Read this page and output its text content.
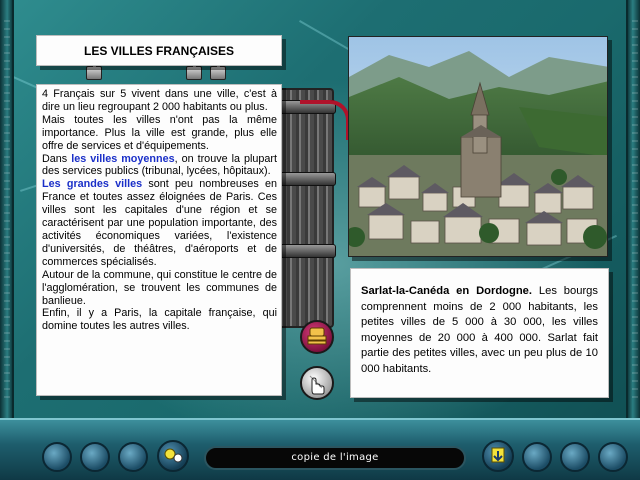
LES VILLES FRANÇAISES

4 Français sur 5 vivent dans une ville, c'est à dire un lieu regroupant 2 000 habitants ou plus.

Mais toutes les villes n'ont pas la même importance. Plus la ville est grande, plus elle offre de services et d'équipements.

Dans les villes moyennes, on trouve la plupart des services publics (tribunal, lycées, hôpitaux).

Les grandes villes sont peu nombreuses en France et toutes assez éloignées de Paris. Ces villes sont les capitales d'une région et se caractérisent par une population importante, des activités économiques variées, l'existence d'universités, de théâtres, d'aéroports et de commerces spécialisés.

Autour de la commune, qui constitue le centre de l'agglomération, se trouvent les communes de banlieue.

Enfin, il y a Paris, la capitale française, qui domine toutes les autres villes.

Sarlat-la-Canéda en Dordogne. Les bourgs comprennent moins de 2 000 habitants, les petites villes de 5 000 à 30 000, les villes moyennes de 20 000 à 400 000. Sarlat fait partie des petites villes, avec un peu plus de 10 000 habitants.

copie de l'image
